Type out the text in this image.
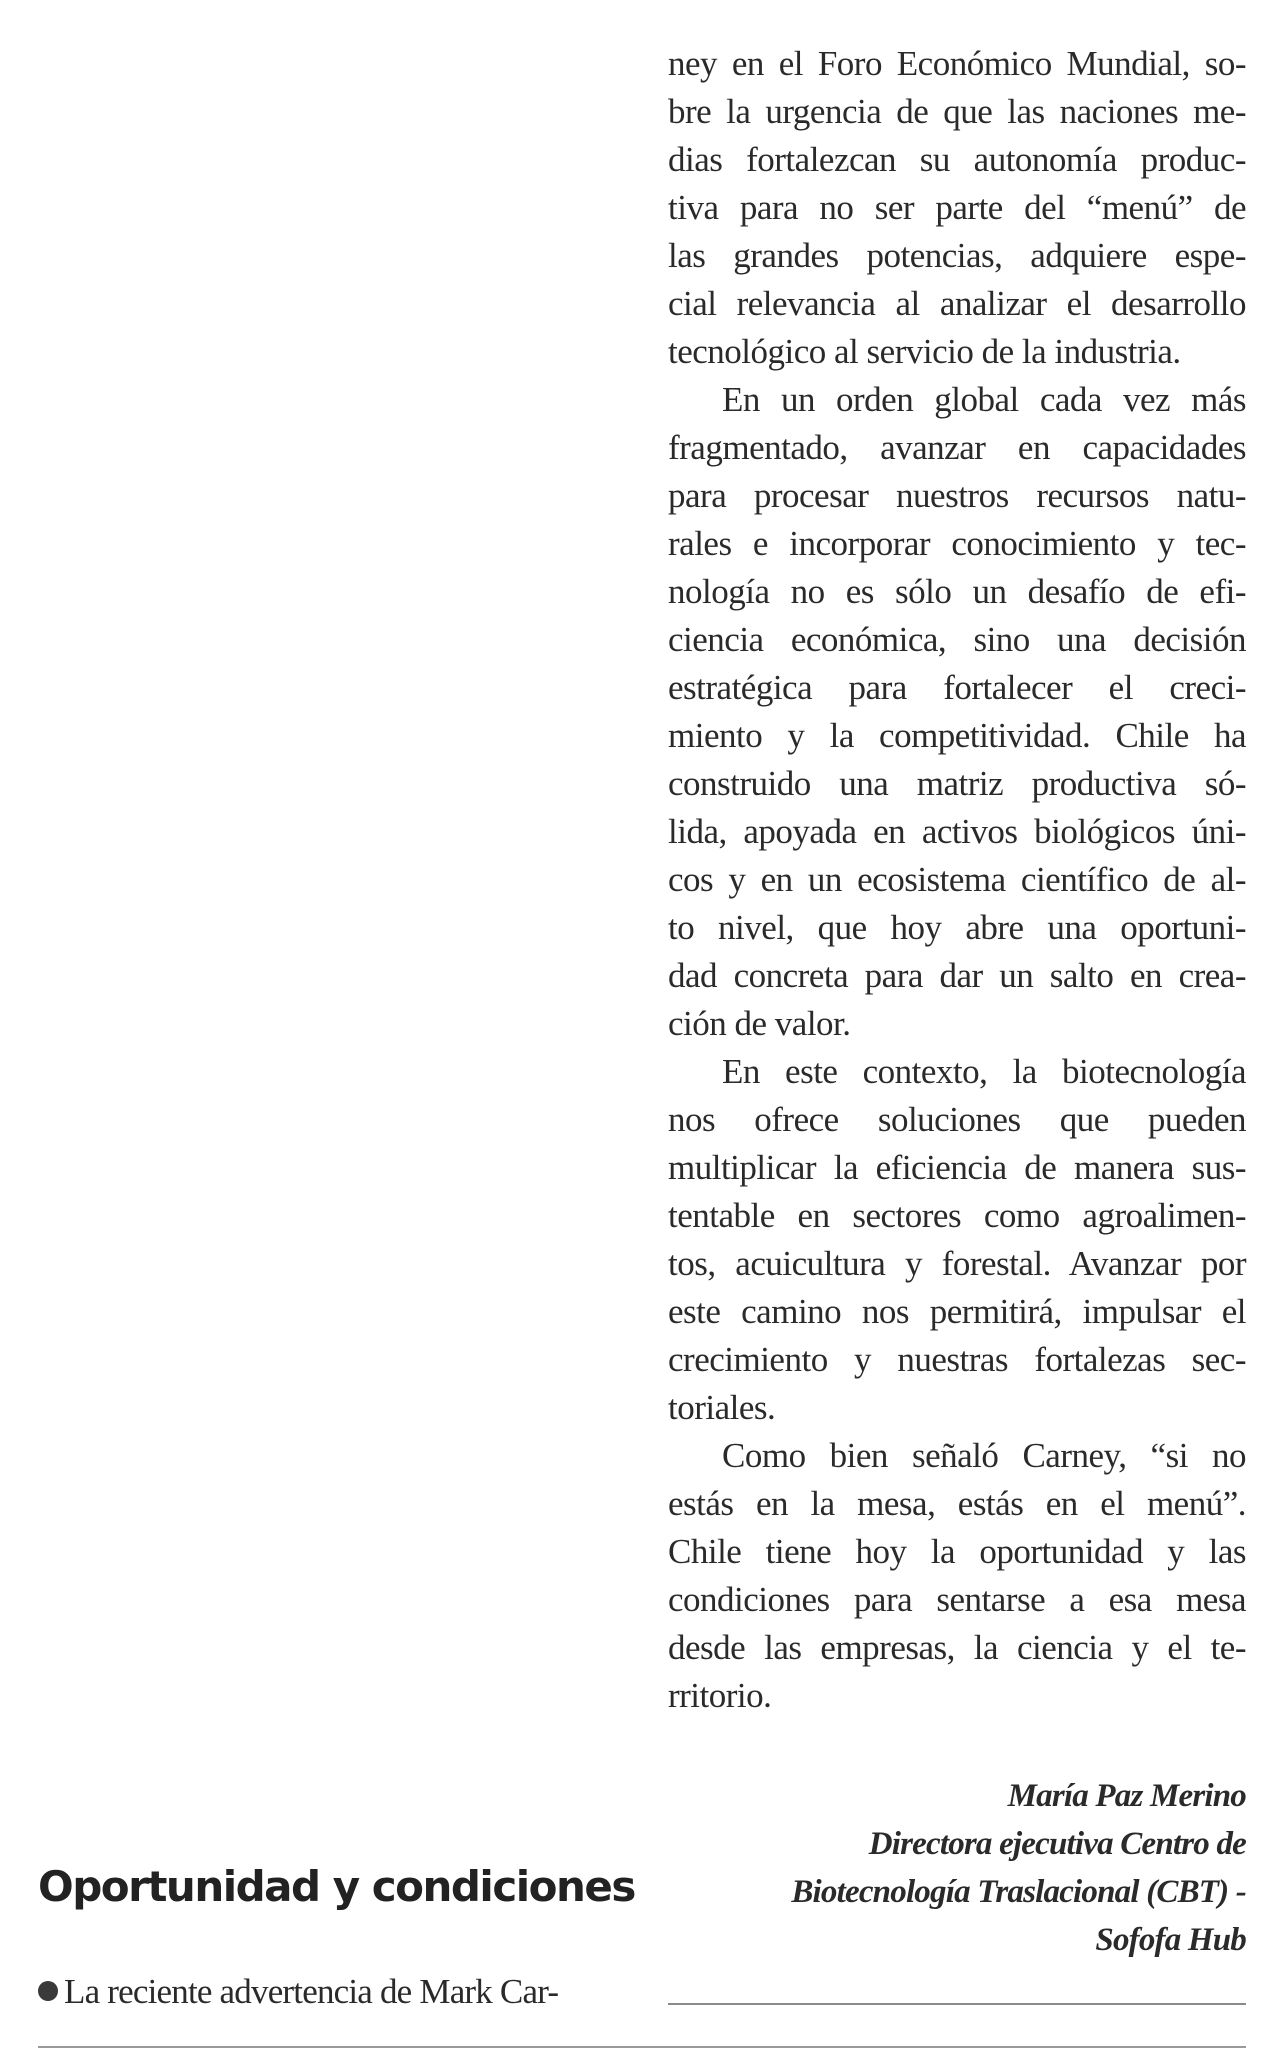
ney en el Foro Económico Mundial, so-
bre la urgencia de que las naciones me-
dias fortalezcan su autonomía produc-
tiva para no ser parte del “menú” de
las grandes potencias, adquiere espe-
cial relevancia al analizar el desarrollo
tecnológico al servicio de la industria.
En un orden global cada vez más
fragmentado, avanzar en capacidades
para procesar nuestros recursos natu-
rales e incorporar conocimiento y tec-
nología no es sólo un desafío de efi-
ciencia económica, sino una decisión
estratégica para fortalecer el creci-
miento y la competitividad. Chile ha
construido una matriz productiva só-
lida, apoyada en activos biológicos úni-
cos y en un ecosistema científico de al-
to nivel, que hoy abre una oportuni-
dad concreta para dar un salto en crea-
ción de valor.
En este contexto, la biotecnología
nos ofrece soluciones que pueden
multiplicar la eficiencia de manera sus-
tentable en sectores como agroalimen-
tos, acuicultura y forestal. Avanzar por
este camino nos permitirá, impulsar el
crecimiento y nuestras fortalezas sec-
toriales.
Como bien señaló Carney, “si no
estás en la mesa, estás en el menú”.
Chile tiene hoy la oportunidad y las
condiciones para sentarse a esa mesa
desde las empresas, la ciencia y el te-
rritorio.
María Paz Merino
Directora ejecutiva Centro de
Biotecnología Traslacional (CBT) -
Sofofa Hub
Oportunidad y condiciones
La reciente advertencia de Mark Car-
